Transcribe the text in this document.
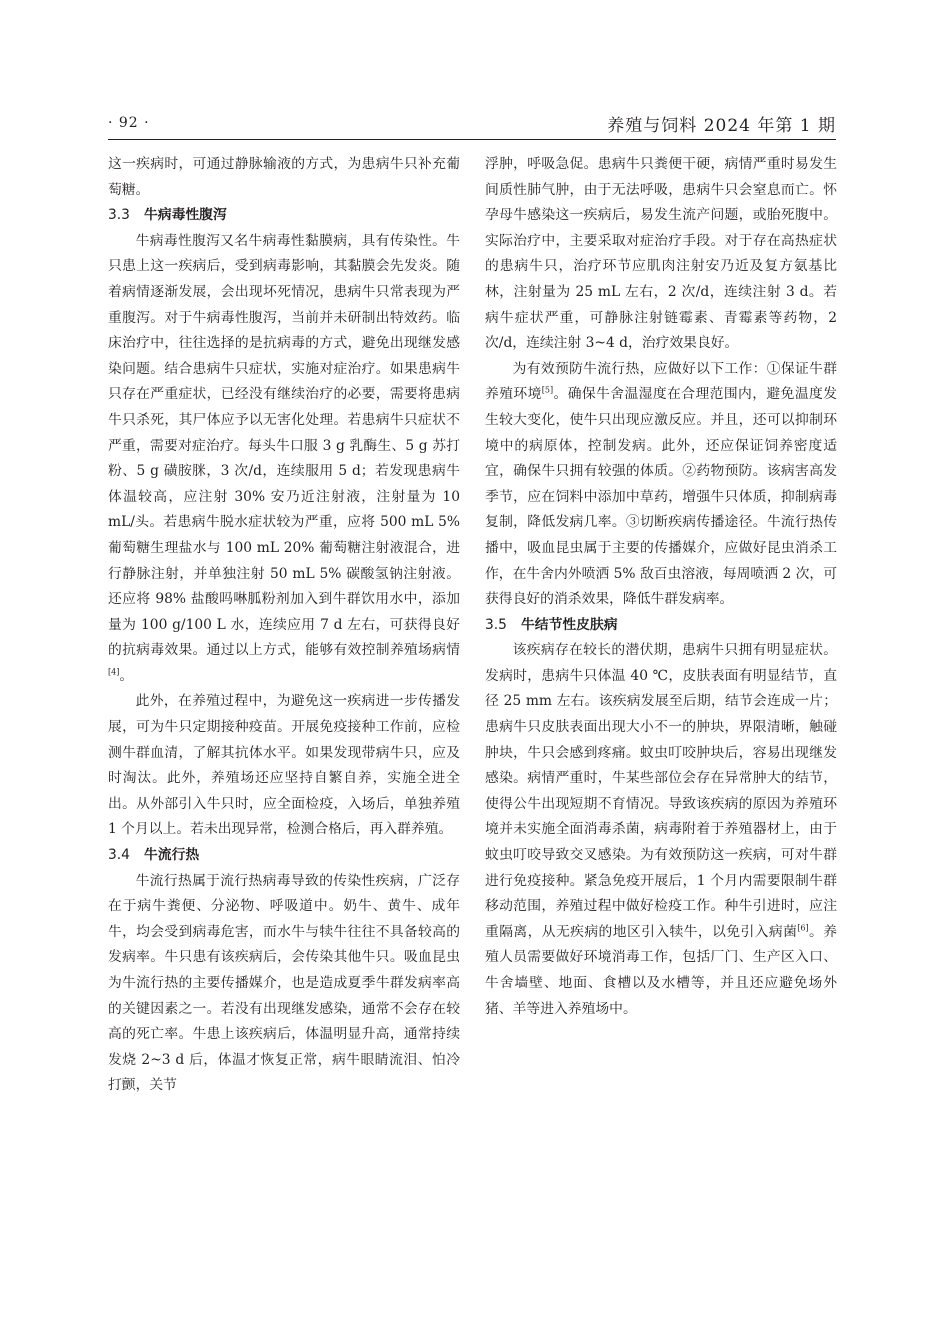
· 92 ·	养殖与饲料 2024 年第 1 期

这一疾病时，可通过静脉输液的方式，为患病牛只补充葡萄糖。

3.3 牛病毒性腹泻

牛病毒性腹泻又名牛病毒性黏膜病，具有传染性。牛只患上这一疾病后，受到病毒影响，其黏膜会先发炎。随着病情逐渐发展，会出现坏死情况，患病牛只常表现为严重腹泻。对于牛病毒性腹泻，当前并未研制出特效药。临床治疗中，往往选择的是抗病毒的方式，避免出现继发感染问题。结合患病牛只症状，实施对症治疗。如果患病牛只存在严重症状，已经没有继续治疗的必要，需要将患病牛只杀死，其尸体应予以无害化处理。若患病牛只症状不严重，需要对症治疗。每头牛口服 3 g 乳酶生、5 g 苏打粉、5 g 磺胺脒，3 次/d，连续服用 5 d；若发现患病牛体温较高，应注射 30% 安乃近注射液，注射量为 10 mL/头。若患病牛脱水症状较为严重，应将 500 mL 5% 葡萄糖生理盐水与 100 mL 20% 葡萄糖注射液混合，进行静脉注射，并单独注射 50 mL 5% 碳酸氢钠注射液。还应将 98% 盐酸吗啉胍粉剂加入到牛群饮用水中，添加量为 100 g/100 L 水，连续应用 7 d 左右，可获得良好的抗病毒效果。通过以上方式，能够有效控制养殖场病情[4]。

此外，在养殖过程中，为避免这一疾病进一步传播发展，可为牛只定期接种疫苗。开展免疫接种工作前，应检测牛群血清，了解其抗体水平。如果发现带病牛只，应及时淘汰。此外，养殖场还应坚持自繁自养，实施全进全出。从外部引入牛只时，应全面检疫，入场后，单独养殖 1 个月以上。若未出现异常，检测合格后，再入群养殖。

3.4 牛流行热

牛流行热属于流行热病毒导致的传染性疾病，广泛存在于病牛粪便、分泌物、呼吸道中。奶牛、黄牛、成年牛，均会受到病毒危害，而水牛与犊牛往往不具备较高的发病率。牛只患有该疾病后，会传染其他牛只。吸血昆虫为牛流行热的主要传播媒介，也是造成夏季牛群发病率高的关键因素之一。若没有出现继发感染，通常不会存在较高的死亡率。牛患上该疾病后，体温明显升高，通常持续发烧 2~3 d 后，体温才恢复正常，病牛眼睛流泪、怕冷打颤，关节

浮肿，呼吸急促。患病牛只粪便干硬，病情严重时易发生间质性肺气肿，由于无法呼吸，患病牛只会窒息而亡。怀孕母牛感染这一疾病后，易发生流产问题，或胎死腹中。实际治疗中，主要采取对症治疗手段。对于存在高热症状的患病牛只，治疗环节应肌肉注射安乃近及复方氨基比林，注射量为 25 mL 左右，2 次/d，连续注射 3 d。若病牛症状严重，可静脉注射链霉素、青霉素等药物，2 次/d，连续注射 3~4 d，治疗效果良好。

为有效预防牛流行热，应做好以下工作：①保证牛群养殖环境[5]。确保牛舍温湿度在合理范围内，避免温度发生较大变化，使牛只出现应激反应。并且，还可以抑制环境中的病原体，控制发病。此外，还应保证饲养密度适宜，确保牛只拥有较强的体质。②药物预防。该病害高发季节，应在饲料中添加中草药，增强牛只体质，抑制病毒复制，降低发病几率。③切断疾病传播途径。牛流行热传播中，吸血昆虫属于主要的传播媒介，应做好昆虫消杀工作，在牛舍内外喷洒 5% 敌百虫溶液，每周喷洒 2 次，可获得良好的消杀效果，降低牛群发病率。

3.5 牛结节性皮肤病

该疾病存在较长的潜伏期，患病牛只拥有明显症状。发病时，患病牛只体温 40 ℃，皮肤表面有明显结节，直径 25 mm 左右。该疾病发展至后期，结节会连成一片；患病牛只皮肤表面出现大小不一的肿块，界限清晰，触碰肿块，牛只会感到疼痛。蚊虫叮咬肿块后，容易出现继发感染。病情严重时，牛某些部位会存在异常肿大的结节，使得公牛出现短期不育情况。导致该疾病的原因为养殖环境并未实施全面消毒杀菌，病毒附着于养殖器材上，由于蚊虫叮咬导致交叉感染。为有效预防这一疾病，可对牛群进行免疫接种。紧急免疫开展后，1 个月内需要限制牛群移动范围，养殖过程中做好检疫工作。种牛引进时，应注重隔离，从无疾病的地区引入犊牛，以免引入病菌[6]。养殖人员需要做好环境消毒工作，包括厂门、生产区入口、牛舍墙壁、地面、食槽以及水槽等，并且还应避免场外猪、羊等进入养殖场中。
